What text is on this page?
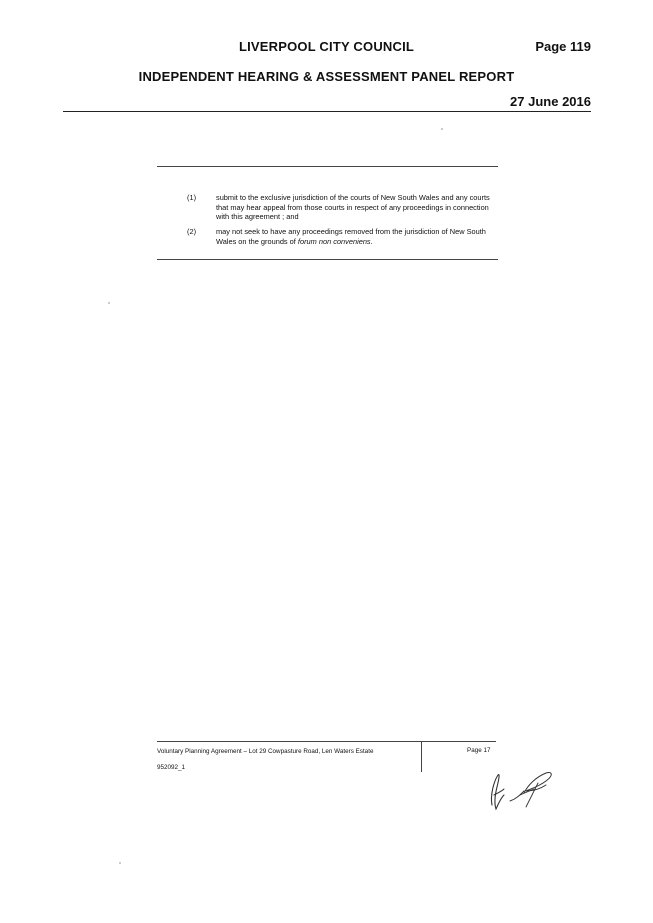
LIVERPOOL CITY COUNCIL	Page 119
INDEPENDENT HEARING & ASSESSMENT PANEL REPORT
27 June 2016
(1)	submit to the exclusive jurisdiction of the courts of New South Wales and any courts that may hear appeal from those courts in respect of any proceedings in connection with this agreement ; and
(2)	may not seek to have any proceedings removed from the jurisdiction of New South Wales on the grounds of forum non conveniens.
Voluntary Planning Agreement – Lot 29 Cowpasture Road, Len Waters Estate
952092_1
Page 17
